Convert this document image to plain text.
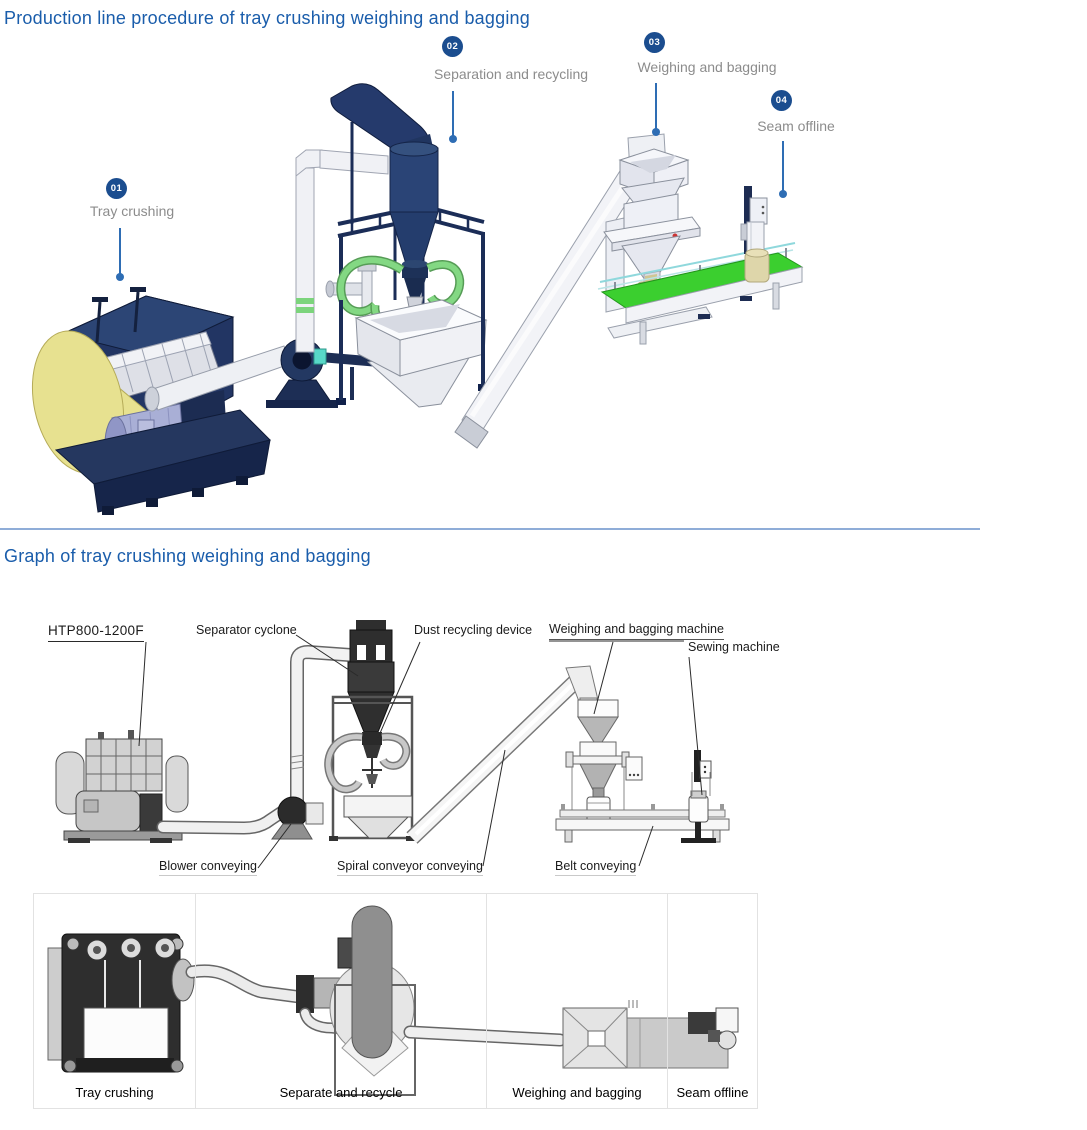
Production line procedure of tray crushing weighing and bagging
01
Tray crushing
02
Separation and recycling
03
Weighing and bagging
04
Seam offline
Graph of tray crushing weighing and bagging
HTP800-1200F	Separator cyclone	Dust recycling device Weighing and bagging machine
Sewing machine
Blower conveying	Spiral conveyor conveying	Belt conveying
Tray crushing	Separate and recycle	Weighing and bagging	Seam offline
